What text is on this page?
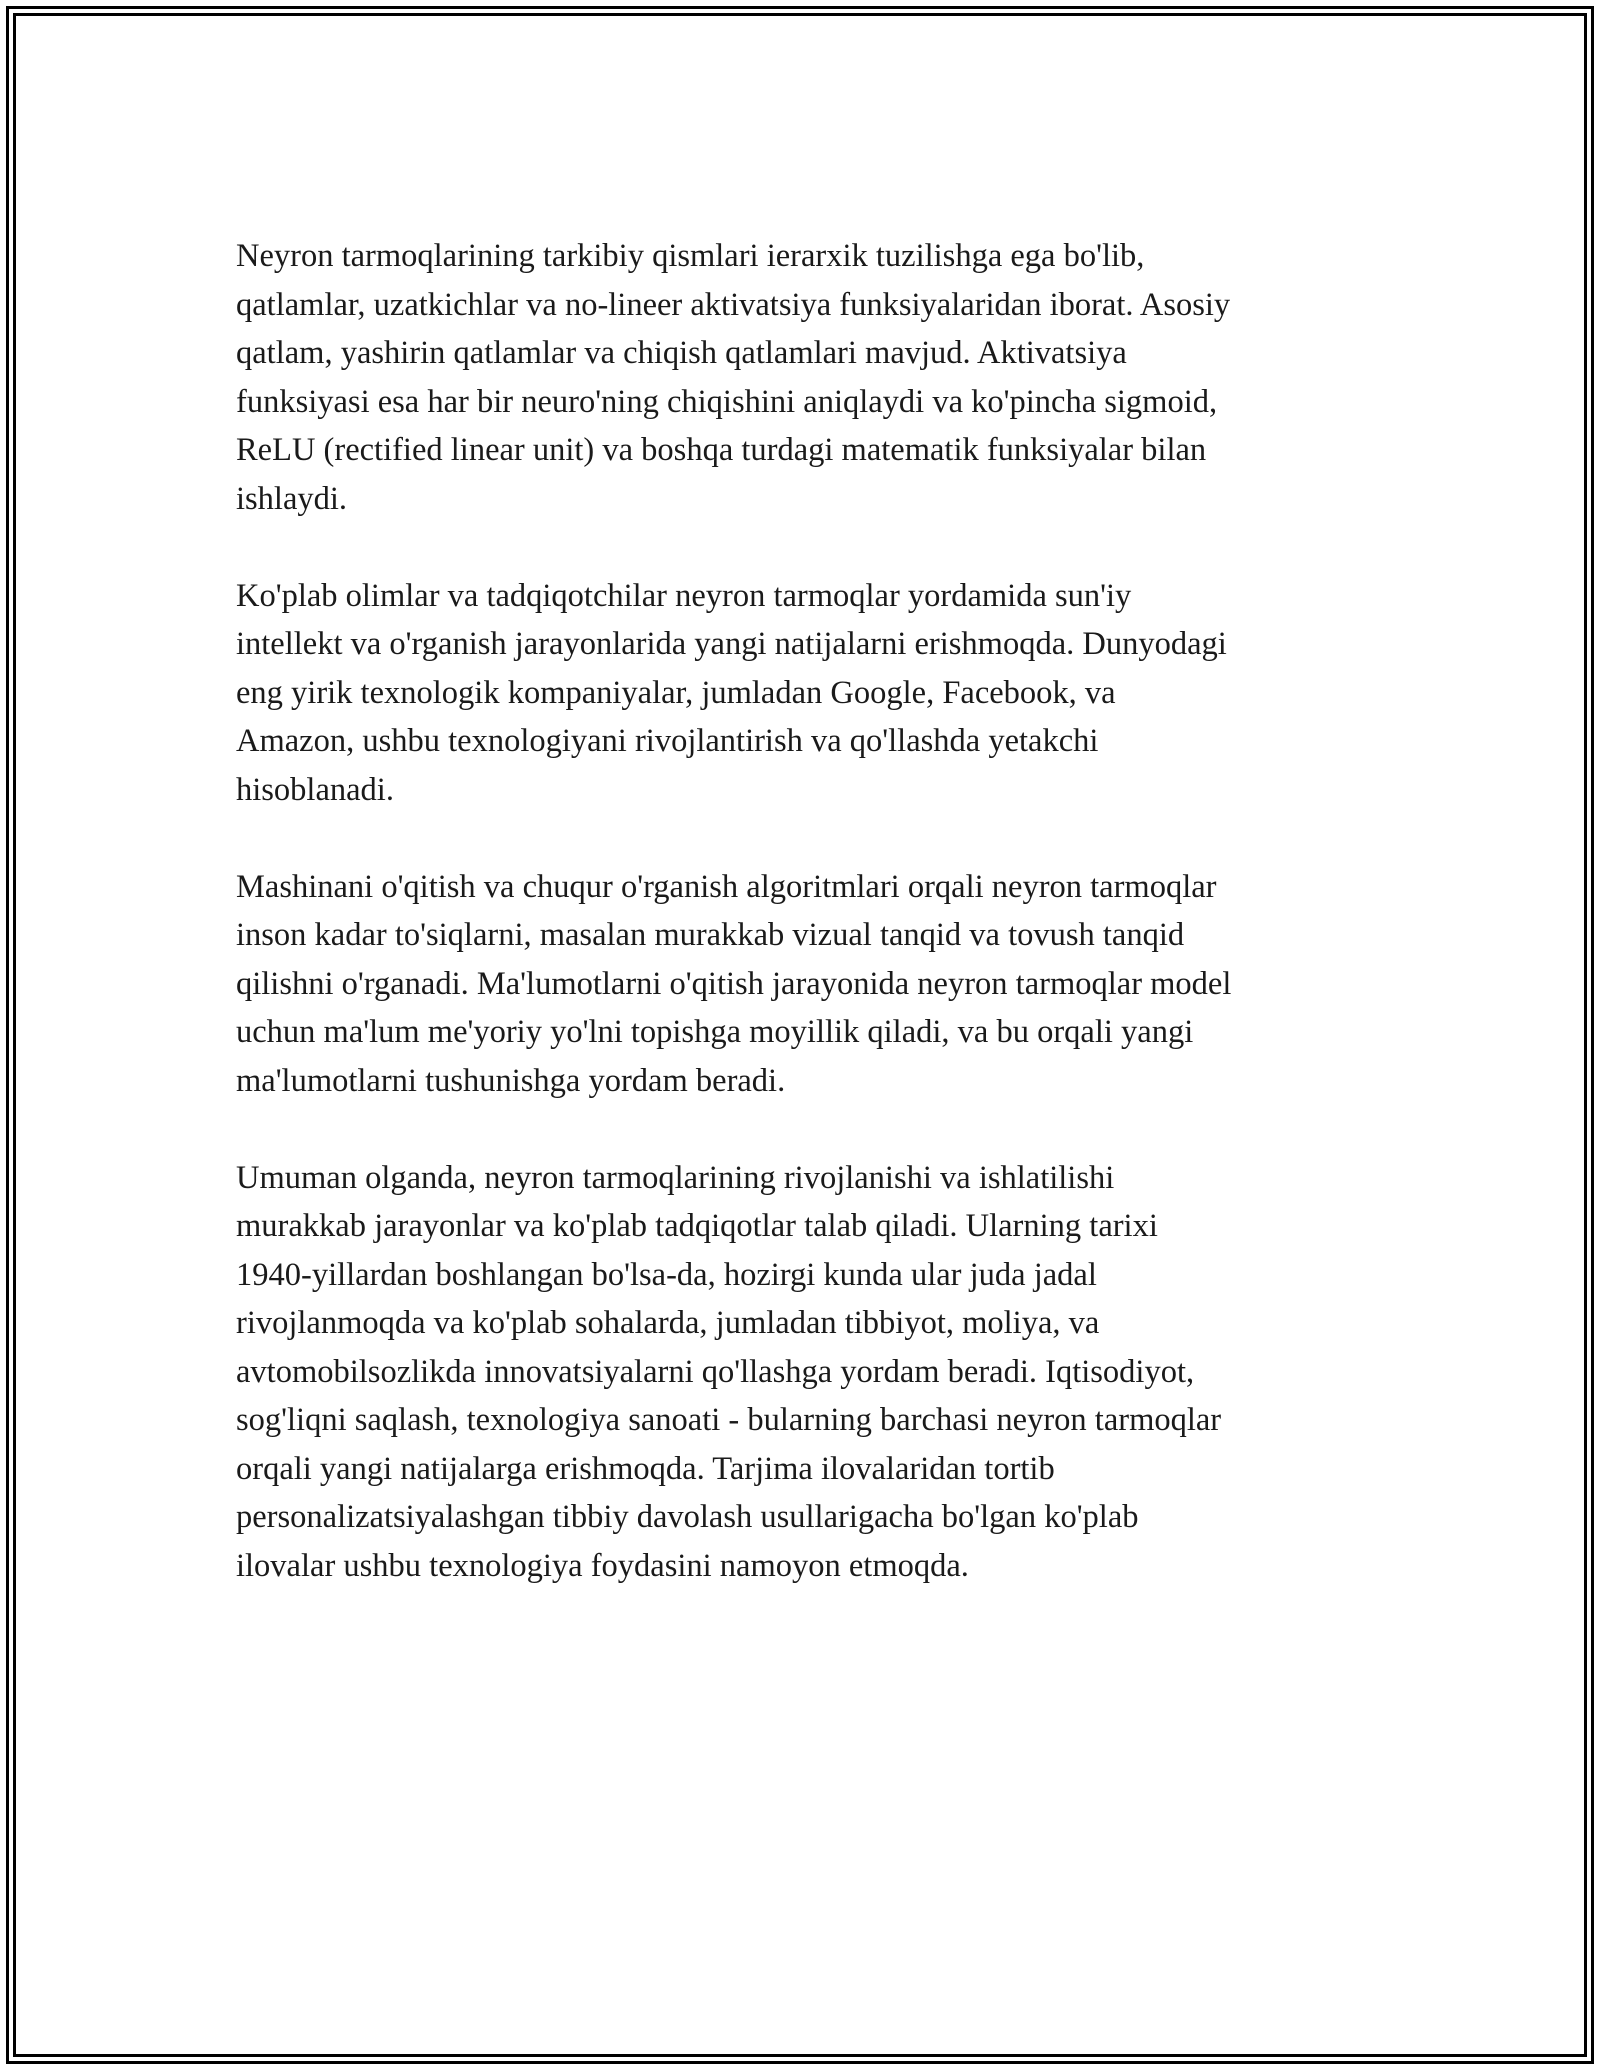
Neyron tarmoqlarining tarkibiy qismlari ierarxik tuzilishga ega bo'lib,
qatlamlar, uzatkichlar va no-lineer aktivatsiya funksiyalaridan iborat. Asosiy
qatlam, yashirin qatlamlar va chiqish qatlamlari mavjud. Aktivatsiya
funksiyasi esa har bir neuro'ning chiqishini aniqlaydi va ko'pincha sigmoid,
ReLU (rectified linear unit) va boshqa turdagi matematik funksiyalar bilan
ishlaydi.

Ko'plab olimlar va tadqiqotchilar neyron tarmoqlar yordamida sun'iy
intellekt va o'rganish jarayonlarida yangi natijalarni erishmoqda. Dunyodagi
eng yirik texnologik kompaniyalar, jumladan Google, Facebook, va
Amazon, ushbu texnologiyani rivojlantirish va qo'llashda yetakchi
hisoblanadi.

Mashinani o'qitish va chuqur o'rganish algoritmlari orqali neyron tarmoqlar
inson kadar to'siqlarni, masalan murakkab vizual tanqid va tovush tanqid
qilishni o'rganadi. Ma'lumotlarni o'qitish jarayonida neyron tarmoqlar model
uchun ma'lum me'yoriy yo'lni topishga moyillik qiladi, va bu orqali yangi
ma'lumotlarni tushunishga yordam beradi.

Umuman olganda, neyron tarmoqlarining rivojlanishi va ishlatilishi
murakkab jarayonlar va ko'plab tadqiqotlar talab qiladi. Ularning tarixi
1940-yillardan boshlangan bo'lsa-da, hozirgi kunda ular juda jadal
rivojlanmoqda va ko'plab sohalarda, jumladan tibbiyot, moliya, va
avtomobilsozlikda innovatsiyalarni qo'llashga yordam beradi. Iqtisodiyot,
sog'liqni saqlash, texnologiya sanoati - bularning barchasi neyron tarmoqlar
orqali yangi natijalarga erishmoqda. Tarjima ilovalaridan tortib
personalizatsiyalashgan tibbiy davolash usullarigacha bo'lgan ko'plab
ilovalar ushbu texnologiya foydasini namoyon etmoqda.
